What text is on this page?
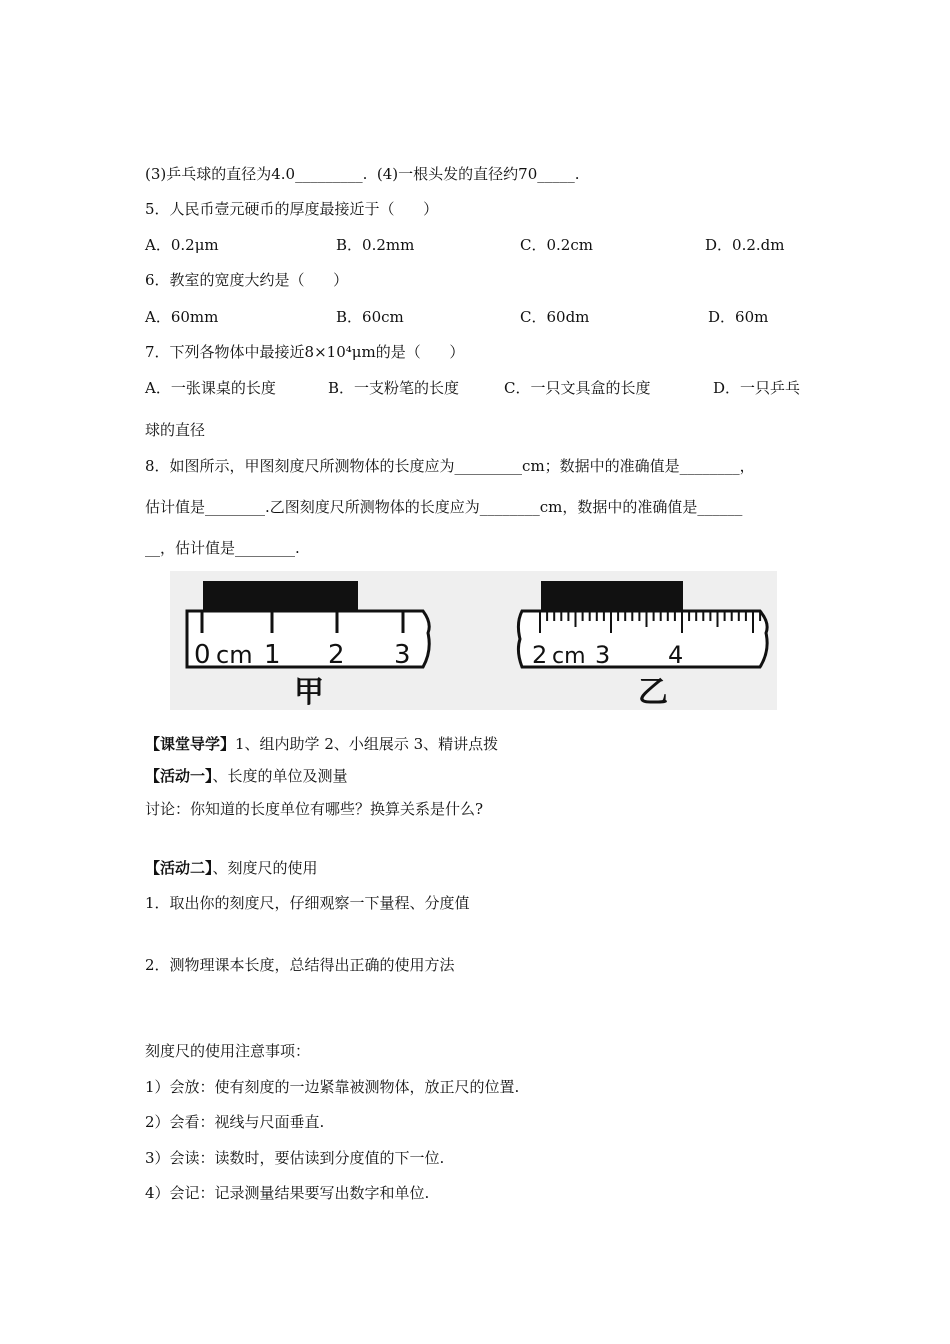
(3)乒乓球的直径为4.0_________.  (4)一根头发的直径约70_____.
5．人民币壹元硬币的厚度最接近于（      ）
A．0.2μm	B．0.2mm	C．0.2cm	D．0.2.dm
6．教室的宽度大约是（      ）
A．60mm	B．60cm	C．60dm	D．60m
7．下列各物体中最接近8×10⁴μm的是（      ）
A．一张课桌的长度	B．一支粉笔的长度	C．一只文具盒的长度	D．一只乒乓
球的直径
8．如图所示，甲图刻度尺所测物体的长度应为_________cm；数据中的准确值是________，
估计值是________.乙图刻度尺所测物体的长度应为________cm，数据中的准确值是______
__，估计值是________.
0 cm 1 2 3
甲
2 cm 3 4
乙
【课堂导学】1、组内助学 2、小组展示 3、精讲点拨
【活动一】、长度的单位及测量
讨论：你知道的长度单位有哪些？换算关系是什么?
【活动二】、刻度尺的使用
1．取出你的刻度尺，仔细观察一下量程、分度值
2．测物理课本长度，总结得出正确的使用方法
刻度尺的使用注意事项：
1）会放：使有刻度的一边紧靠被测物体，放正尺的位置.
2）会看：视线与尺面垂直.
3）会读：读数时，要估读到分度值的下一位.
4）会记：记录测量结果要写出数字和单位.
